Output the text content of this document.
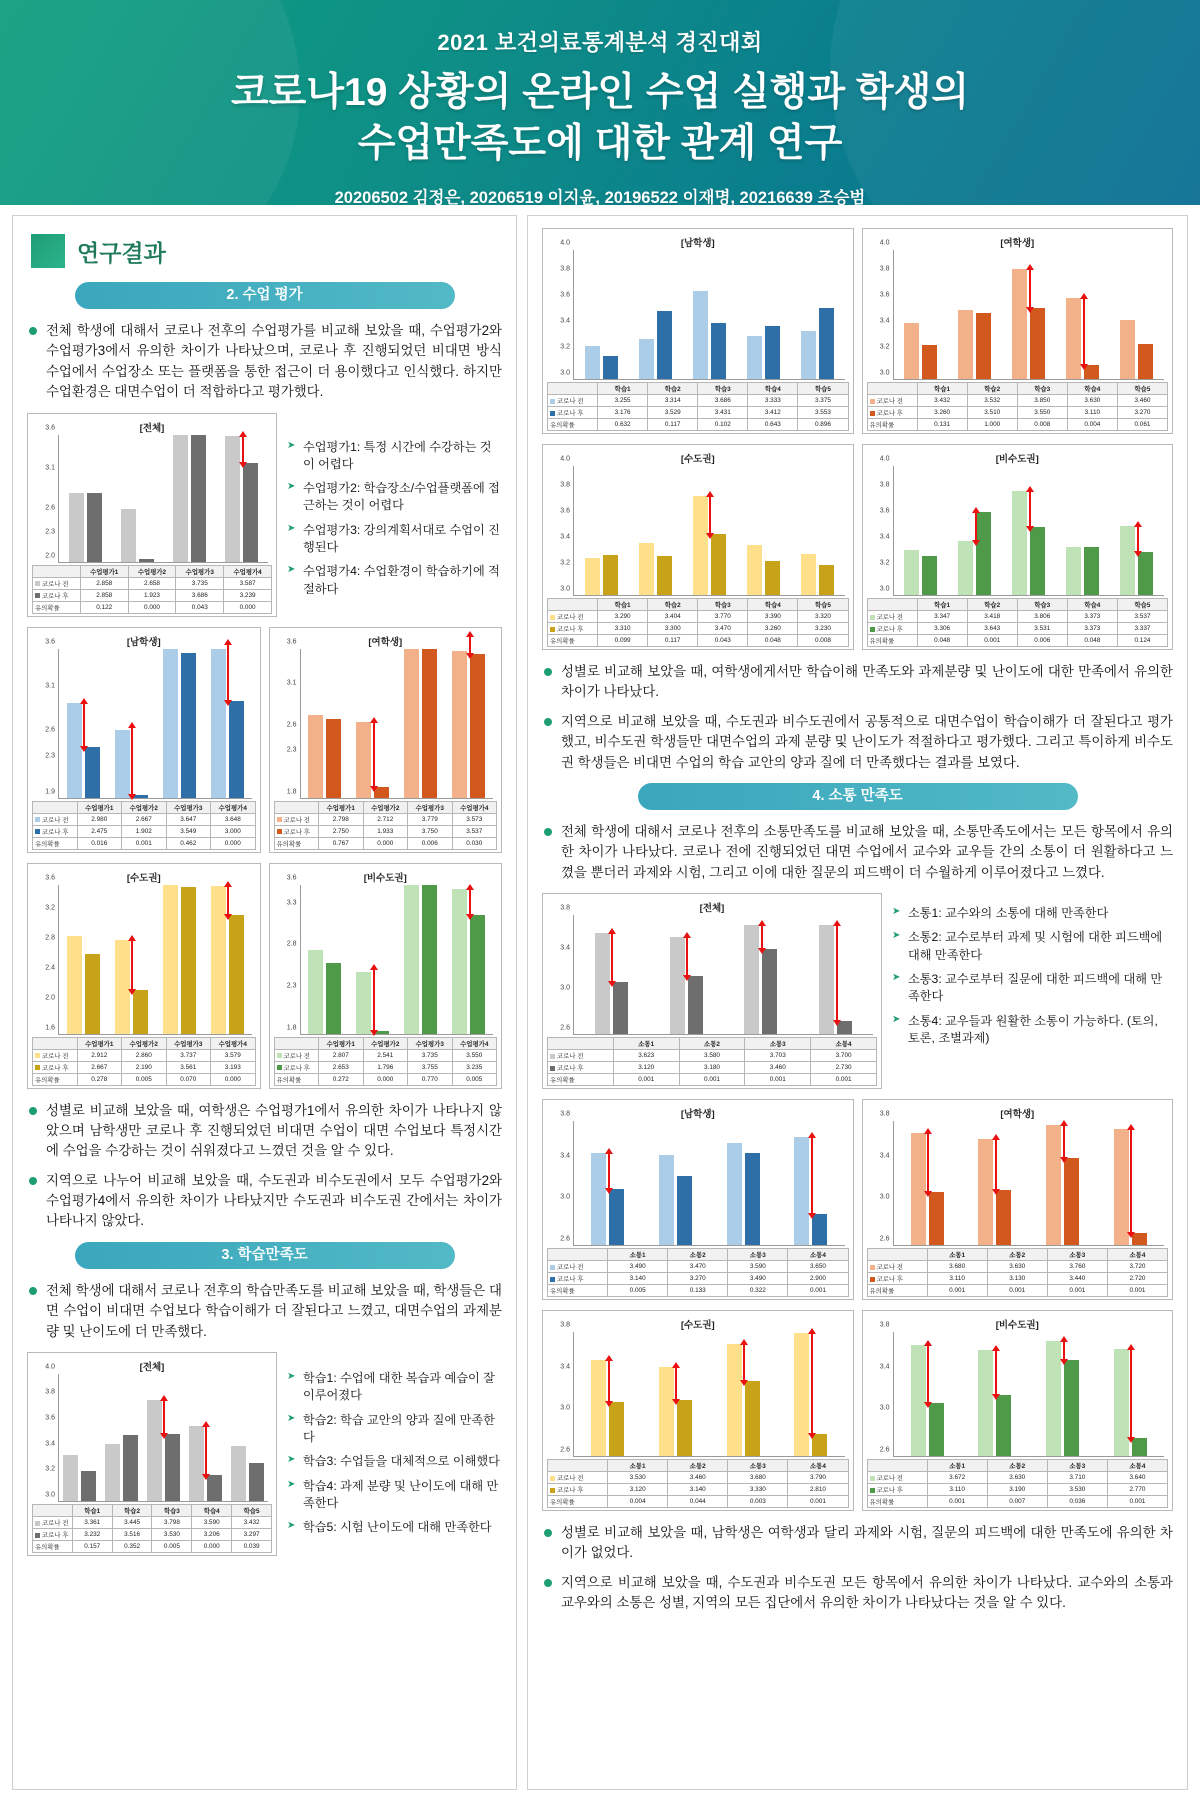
2021 보건의료통계분석 경진대회
코로나19 상황의 온라인 수업 실행과 학생의
수업만족도에 대한 관계 연구
20206502 김정은, 20206519 이지윤, 20196522 이재명, 20216639 조승범
연구결과
2. 수업 평가
전체 학생에 대해서 코로나 전후의 수업평가를 비교해 보았을 때, 수업평가2와 수업평가3에서 유의한 차이가 나타났으며, 코로나 후 진행되었던 비대면 방식 수업에서 수업장소 또는 플랫폼을 통한 접근이 더 용이했다고 인식했다. 하지만 수업환경은 대면수업이 더 적합하다고 평가했다.
[전체]
2.0
2.3
2.6
3.1
3.6
	수업평가1	수업평가2	수업평가3	수업평가4
코로나 전	2.858	2.658	3.735	3.587
코로나 후	2.858	1.923	3.686	3.239
유의확률	0.122	0.000	0.043	0.000
➤ 수업평가1: 특정 시간에 수강하는 것이 어렵다
➤ 수업평가2: 학습장소/수업플랫폼에 접근하는 것이 어렵다
➤ 수업평가3: 강의계획서대로 수업이 진행된다
➤ 수업평가4: 수업환경이 학습하기에 적절하다
[남학생]
1.9
2.3
2.6
3.1
3.6
	수업평가1	수업평가2	수업평가3	수업평가4
코로나 전	2.980	2.667	3.647	3.648
코로나 후	2.475	1.902	3.549	3.000
유의확률	0.016	0.001	0.462	0.000
[여학생]
1.8
2.3
2.6
3.1
3.6
	수업평가1	수업평가2	수업평가3	수업평가4
코로나 전	2.798	2.712	3.779	3.573
코로나 후	2.750	1.933	3.750	3.537
유의확률	0.767	0.000	0.006	0.030
[수도권]
1.6
2.0
2.4
2.8
3.2
3.6
	수업평가1	수업평가2	수업평가3	수업평가4
코로나 전	2.912	2.860	3.737	3.579
코로나 후	2.667	2.190	3.561	3.193
유의확률	0.278	0.005	0.070	0.000
[비수도권]
1.8
2.3
2.8
3.3
3.6
	수업평가1	수업평가2	수업평가3	수업평가4
코로나 전	2.807	2.541	3.735	3.550
코로나 후	2.653	1.796	3.755	3.235
유의확률	0.272	0.000	0.770	0.005
성별로 비교해 보았을 때, 여학생은 수업평가1에서 유의한 차이가 나타나지 않았으며 남학생만 코로나 후 진행되었던 비대면 수업이 대면 수업보다 특정시간에 수업을 수강하는 것이 쉬워졌다고 느꼈던 것을 알 수 있다.
지역으로 나누어 비교해 보았을 때, 수도권과 비수도권에서 모두 수업평가2와 수업평가4에서 유의한 차이가 나타났지만 수도권과 비수도권 간에서는 차이가 나타나지 않았다.
3. 학습만족도
전체 학생에 대해서 코로나 전후의 학습만족도를 비교해 보았을 때, 학생들은 대면 수업이 비대면 수업보다 학습이해가 더 잘된다고 느꼈고, 대면수업의 과제분량 및 난이도에 더 만족했다.
[전체]
3.0
3.2
3.4
3.6
3.8
4.0
	학습1	학습2	학습3	학습4	학습5
코로나 전	3.361	3.445	3.798	3.590	3.432
코로나 후	3.232	3.516	3.530	3.206	3.297
유의확률	0.157	0.352	0.005	0.000	0.039
➤ 학습1: 수업에 대한 복습과 예습이 잘 이루어졌다
➤ 학습2: 학습 교안의 양과 질에 만족한다
➤ 학습3: 수업들을 대체적으로 이해했다
➤ 학습4: 과제 분량 및 난이도에 대해 만족한다
➤ 학습5: 시험 난이도에 대해 만족한다
[남학생]
3.0
3.2
3.4
3.6
3.8
4.0
	학습1	학습2	학습3	학습4	학습5
코로나 전	3.255	3.314	3.686	3.333	3.375
코로나 후	3.176	3.529	3.431	3.412	3.553
유의확률	0.632	0.117	0.102	0.643	0.896
[여학생]
3.0
3.2
3.4
3.6
3.8
4.0
	학습1	학습2	학습3	학습4	학습5
코로나 전	3.432	3.532	3.850	3.630	3.460
코로나 후	3.260	3.510	3.550	3.110	3.270
유의확률	0.131	1.000	0.008	0.004	0.061
[수도권]
3.0
3.2
3.4
3.6
3.8
4.0
	학습1	학습2	학습3	학습4	학습5
코로나 전	3.290	3.404	3.770	3.390	3.320
코로나 후	3.310	3.300	3.470	3.260	3.230
유의확률	0.099	0.117	0.043	0.048	0.008
[비수도권]
3.0
3.2
3.4
3.6
3.8
4.0
	학습1	학습2	학습3	학습4	학습5
코로나 전	3.347	3.418	3.806	3.373	3.537
코로나 후	3.306	3.643	3.531	3.373	3.337
유의확률	0.048	0.001	0.006	0.048	0.124
성별로 비교해 보았을 때, 여학생에게서만 학습이해 만족도와 과제분량 및 난이도에 대한 만족에서 유의한 차이가 나타났다.
지역으로 비교해 보았을 때, 수도권과 비수도권에서 공통적으로 대면수업이 학습이해가 더 잘된다고 평가했고, 비수도권 학생들만 대면수업의 과제 분량 및 난이도가 적절하다고 평가했다. 그리고 특이하게 비수도권 학생들은 비대면 수업의 학습 교안의 양과 질에 더 만족했다는 결과를 보였다.
4. 소통 만족도
전체 학생에 대해서 코로나 전후의 소통만족도를 비교해 보았을 때, 소통만족도에서는 모든 항목에서 유의한 차이가 나타났다. 코로나 전에 진행되었던 대면 수업에서 교수와 교우들 간의 소통이 더 원활하다고 느꼈을 뿐더러 과제와 시험, 그리고 이에 대한 질문의 피드백이 더 수월하게 이루어졌다고 느꼈다.
[전체]
2.6
3.0
3.4
3.8
	소통1	소통2	소통3	소통4
코로나 전	3.623	3.580	3.703	3.700
코로나 후	3.120	3.180	3.460	2.730
유의확률	0.001	0.001	0.001	0.001
➤ 소통1: 교수와의 소통에 대해 만족한다
➤ 소통2: 교수로부터 과제 및 시험에 대한 피드백에 대해 만족한다
➤ 소통3: 교수로부터 질문에 대한 피드백에 대해 만족한다
➤ 소통4: 교우들과 원활한 소통이 가능하다. (토의, 토론, 조별과제)
[남학생]
2.6
3.0
3.4
3.8
	소통1	소통2	소통3	소통4
코로나 전	3.490	3.470	3.590	3.650
코로나 후	3.140	3.270	3.490	2.900
유의확률	0.005	0.133	0.322	0.001
[여학생]
2.6
3.0
3.4
3.8
	소통1	소통2	소통3	소통4
코로나 전	3.680	3.630	3.760	3.720
코로나 후	3.110	3.130	3.440	2.720
유의확률	0.001	0.001	0.001	0.001
[수도권]
2.6
3.0
3.4
3.8
	소통1	소통2	소통3	소통4
코로나 전	3.530	3.460	3.680	3.790
코로나 후	3.120	3.140	3.330	2.810
유의확률	0.004	0.044	0.003	0.001
[비수도권]
2.6
3.0
3.4
3.8
	소통1	소통2	소통3	소통4
코로나 전	3.672	3.630	3.710	3.640
코로나 후	3.110	3.190	3.530	2.770
유의확률	0.001	0.007	0.036	0.001
성별로 비교해 보았을 때, 남학생은 여학생과 달리 과제와 시험, 질문의 피드백에 대한 만족도에 유의한 차이가 없었다.
지역으로 비교해 보았을 때, 수도권과 비수도권 모든 항목에서 유의한 차이가 나타났다. 교수와의 소통과 교우와의 소통은 성별, 지역의 모든 집단에서 유의한 차이가 나타났다는 것을 알 수 있다.
